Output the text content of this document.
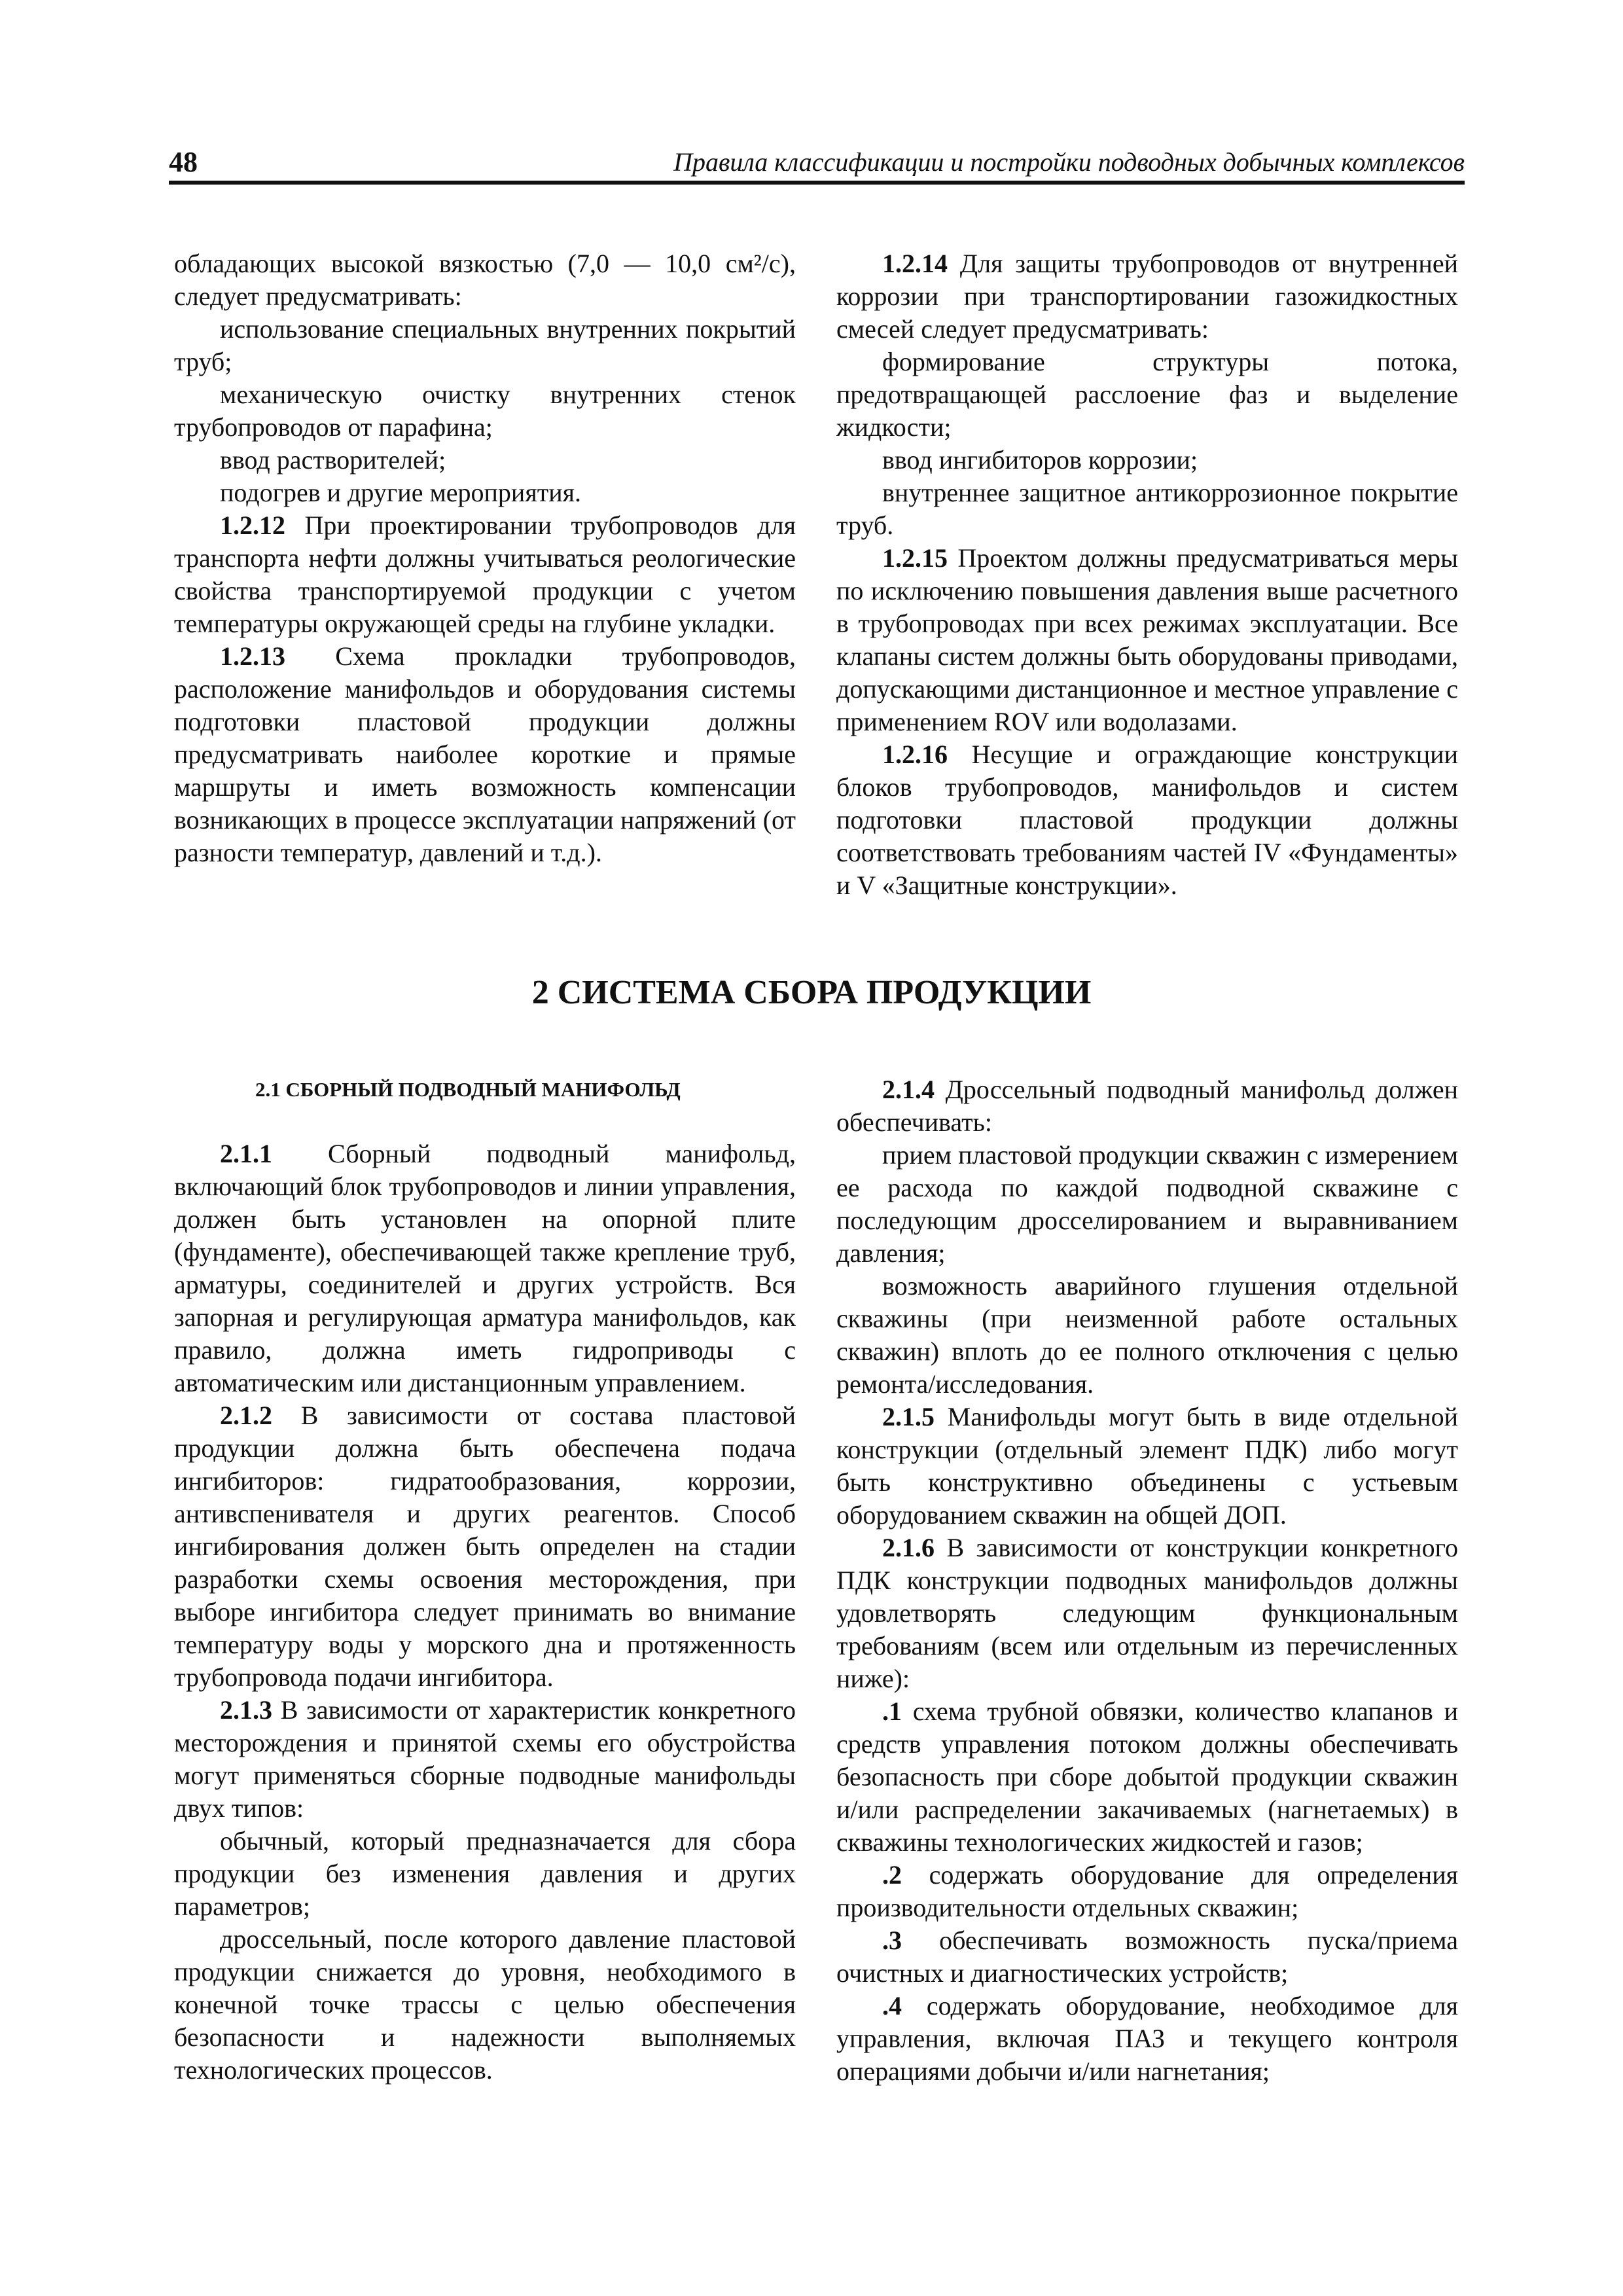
48	Правила классификации и постройки подводных добычных комплексов

обладающих высокой вязкостью (7,0 — 10,0 см²/с), следует предусматривать:

использование специальных внутренних покрытий труб;

механическую очистку внутренних стенок трубопроводов от парафина;

ввод растворителей;

подогрев и другие мероприятия.

1.2.12 При проектировании трубопроводов для транспорта нефти должны учитываться реологические свойства транспортируемой продукции с учетом температуры окружающей среды на глубине укладки.

1.2.13 Схема прокладки трубопроводов, расположение манифольдов и оборудования системы подготовки пластовой продукции должны предусматривать наиболее короткие и прямые маршруты и иметь возможность компенсации возникающих в процессе эксплуатации напряжений (от разности температур, давлений и т.д.).

1.2.14 Для защиты трубопроводов от внутренней коррозии при транспортировании газожидкостных смесей следует предусматривать:

формирование структуры потока, предотвращающей расслоение фаз и выделение жидкости;

ввод ингибиторов коррозии;

внутреннее защитное антикоррозионное покрытие труб.

1.2.15 Проектом должны предусматриваться меры по исключению повышения давления выше расчетного в трубопроводах при всех режимах эксплуатации. Все клапаны систем должны быть оборудованы приводами, допускающими дистанционное и местное управление с применением ROV или водолазами.

1.2.16 Несущие и ограждающие конструкции блоков трубопроводов, манифольдов и систем подготовки пластовой продукции должны соответствовать требованиям частей IV «Фундаменты» и V «Защитные конструкции».

2 СИСТЕМА СБОРА ПРОДУКЦИИ

2.1 СБОРНЫЙ ПОДВОДНЫЙ МАНИФОЛЬД

2.1.1 Сборный подводный манифольд, включающий блок трубопроводов и линии управления, должен быть установлен на опорной плите (фундаменте), обеспечивающей также крепление труб, арматуры, соединителей и других устройств. Вся запорная и регулирующая арматура манифольдов, как правило, должна иметь гидроприводы с автоматическим или дистанционным управлением.

2.1.2 В зависимости от состава пластовой продукции должна быть обеспечена подача ингибиторов: гидратообразования, коррозии, антивспенивателя и других реагентов. Способ ингибирования должен быть определен на стадии разработки схемы освоения месторождения, при выборе ингибитора следует принимать во внимание температуру воды у морского дна и протяженность трубопровода подачи ингибитора.

2.1.3 В зависимости от характеристик конкретного месторождения и принятой схемы его обустройства могут применяться сборные подводные манифольды двух типов:

обычный, который предназначается для сбора продукции без изменения давления и других параметров;

дроссельный, после которого давление пластовой продукции снижается до уровня, необходимого в конечной точке трассы с целью обеспечения безопасности и надежности выполняемых технологических процессов.

2.1.4 Дроссельный подводный манифольд должен обеспечивать:

прием пластовой продукции скважин с измерением ее расхода по каждой подводной скважине с последующим дросселированием и выравниванием давления;

возможность аварийного глушения отдельной скважины (при неизменной работе остальных скважин) вплоть до ее полного отключения с целью ремонта/исследования.

2.1.5 Манифольды могут быть в виде отдельной конструкции (отдельный элемент ПДК) либо могут быть конструктивно объединены с устьевым оборудованием скважин на общей ДОП.

2.1.6 В зависимости от конструкции конкретного ПДК конструкции подводных манифольдов должны удовлетворять следующим функциональным требованиям (всем или отдельным из перечисленных ниже):

.1 схема трубной обвязки, количество клапанов и средств управления потоком должны обеспечивать безопасность при сборе добытой продукции скважин и/или распределении закачиваемых (нагнетаемых) в скважины технологических жидкостей и газов;

.2 содержать оборудование для определения производительности отдельных скважин;

.3 обеспечивать возможность пуска/приема очистных и диагностических устройств;

.4 содержать оборудование, необходимое для управления, включая ПАЗ и текущего контроля операциями добычи и/или нагнетания;
